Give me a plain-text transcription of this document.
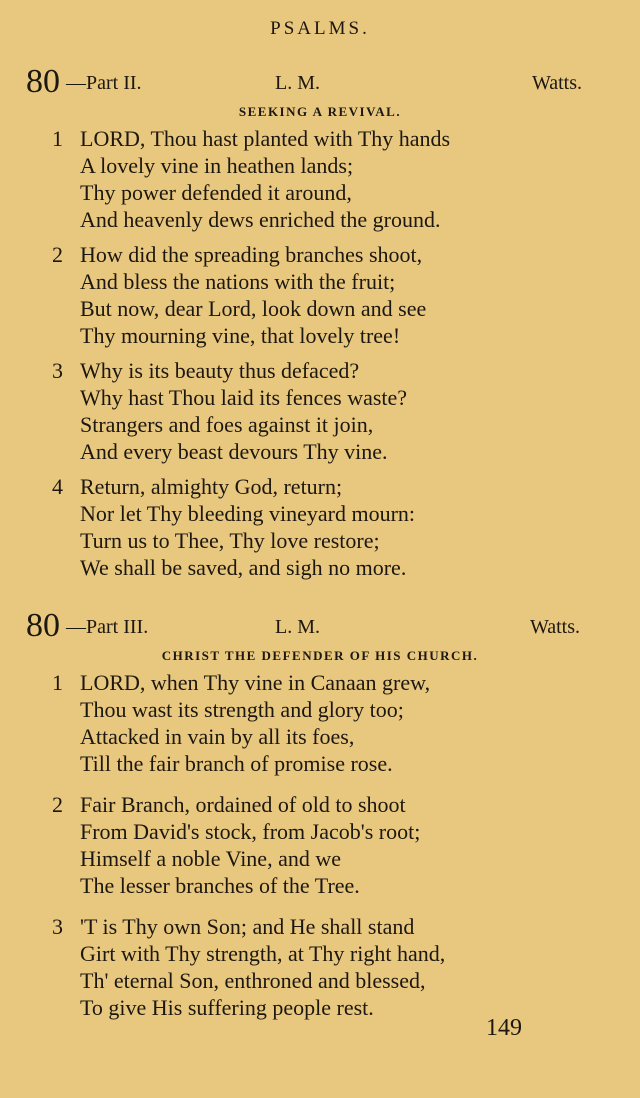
PSALMS.
80 —Part II.	L. M.	Watts.
SEEKING A REVIVAL.
1 LORD, Thou hast planted with Thy hands
A lovely vine in heathen lands;
Thy power defended it around,
And heavenly dews enriched the ground.
2 How did the spreading branches shoot,
And bless the nations with the fruit;
But now, dear Lord, look down and see
Thy mourning vine, that lovely tree!
3 Why is its beauty thus defaced?
Why hast Thou laid its fences waste?
Strangers and foes against it join,
And every beast devours Thy vine.
4 Return, almighty God, return;
Nor let Thy bleeding vineyard mourn:
Turn us to Thee, Thy love restore;
We shall be saved, and sigh no more.
80 —Part III.	L. M.	Watts.
CHRIST THE DEFENDER OF HIS CHURCH.
1 LORD, when Thy vine in Canaan grew,
Thou wast its strength and glory too;
Attacked in vain by all its foes,
Till the fair branch of promise rose.
2 Fair Branch, ordained of old to shoot
From David's stock, from Jacob's root;
Himself a noble Vine, and we
The lesser branches of the Tree.
3 'T is Thy own Son; and He shall stand
Girt with Thy strength, at Thy right hand,
Th' eternal Son, enthroned and blessed,
To give His suffering people rest.
149
